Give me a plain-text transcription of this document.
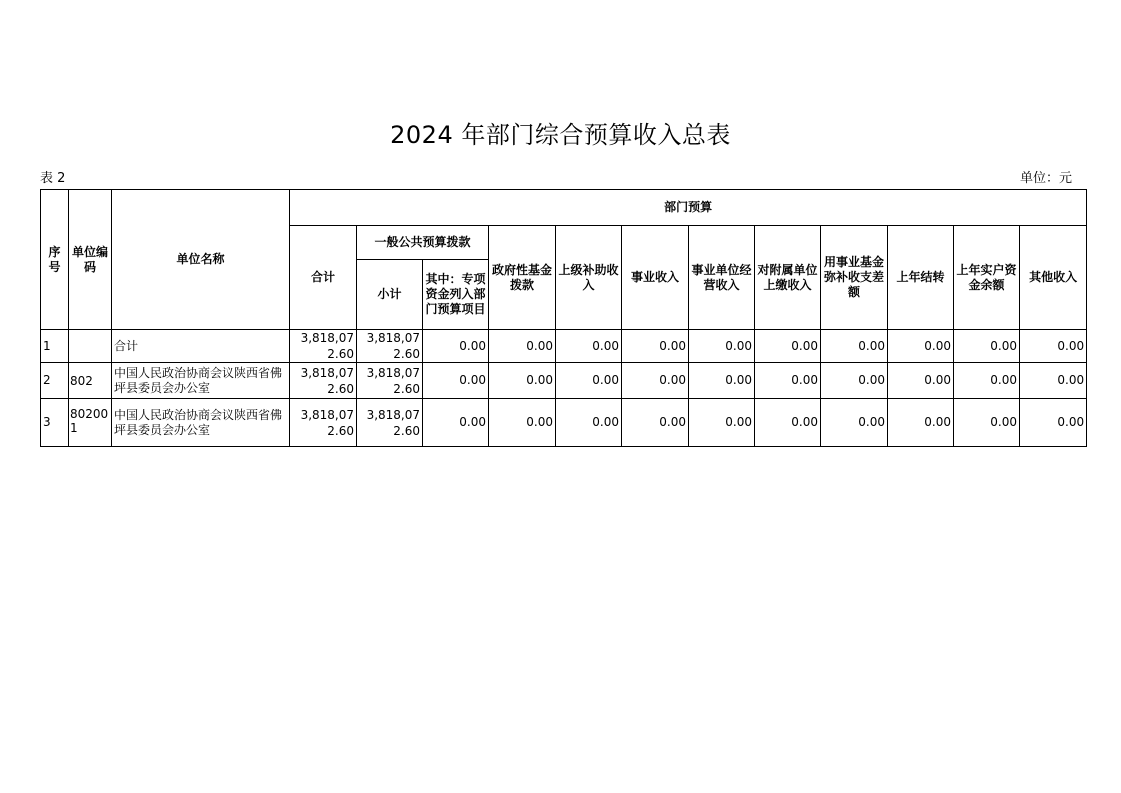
2024 年部门综合预算收入总表
表 2	单位：元
序号	单位编码	单位名称	部门预算											
			合计	一般公共预算拨款		政府性基金拨款	上级补助收入	事业收入	事业单位经营收入	对附属单位上缴收入	用事业基金弥补收支差额	上年结转	上年实户资金余额	其他收入
				小计	其中：专项资金列入部门预算项目									
1		合计	3,818,072.60	3,818,072.60	0.00	0.00	0.00	0.00	0.00	0.00	0.00	0.00	0.00	0.00
2	802	中国人民政治协商会议陕西省佛坪县委员会办公室	3,818,072.60	3,818,072.60	0.00	0.00	0.00	0.00	0.00	0.00	0.00	0.00	0.00	0.00
3	802001	中国人民政治协商会议陕西省佛坪县委员会办公室	3,818,072.60	3,818,072.60	0.00	0.00	0.00	0.00	0.00	0.00	0.00	0.00	0.00	0.00
